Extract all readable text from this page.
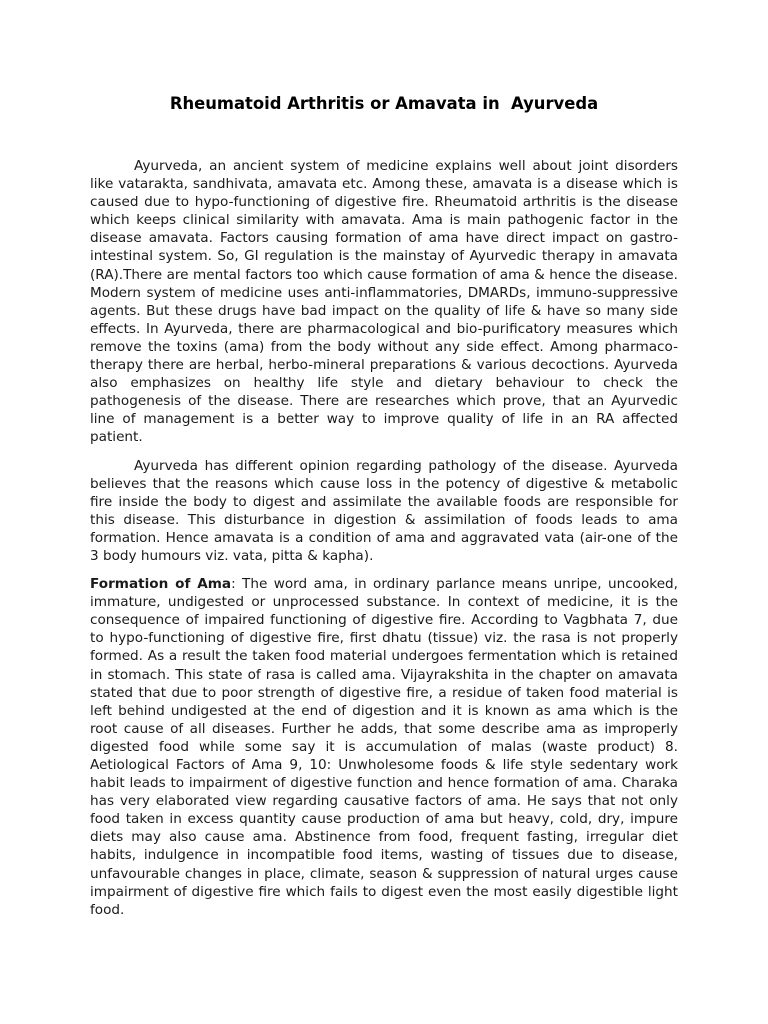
Rheumatoid Arthritis or Amavata in  Ayurveda

Ayurveda, an ancient system of medicine explains well about joint disorders like vatarakta, sandhivata, amavata etc. Among these, amavata is a disease which is caused due to hypo-functioning of digestive fire. Rheumatoid arthritis is the disease which keeps clinical similarity with amavata. Ama is main pathogenic factor in the disease amavata. Factors causing formation of ama have direct impact on gastro-intestinal system. So, GI regulation is the mainstay of Ayurvedic therapy in amavata (RA).There are mental factors too which cause formation of ama & hence the disease. Modern system of medicine uses anti-inflammatories, DMARDs, immuno-suppressive agents. But these drugs have bad impact on the quality of life & have so many side effects. In Ayurveda, there are pharmacological and bio-purificatory measures which remove the toxins (ama) from the body without any side effect. Among pharmaco-therapy there are herbal, herbo-mineral preparations & various decoctions. Ayurveda also emphasizes on healthy life style and dietary behaviour to check the pathogenesis of the disease. There are researches which prove, that an Ayurvedic line of management is a better way to improve quality of life in an RA affected patient.

Ayurveda has different opinion regarding pathology of the disease. Ayurveda believes that the reasons which cause loss in the potency of digestive & metabolic fire inside the body to digest and assimilate the available foods are responsible for this disease. This disturbance in digestion & assimilation of foods leads to ama formation. Hence amavata is a condition of ama and aggravated vata (air-one of the 3 body humours viz. vata, pitta & kapha).

Formation of Ama: The word ama, in ordinary parlance means unripe, uncooked, immature, undigested or unprocessed substance. In context of medicine, it is the consequence of impaired functioning of digestive fire. According to Vagbhata 7, due to hypo-functioning of digestive fire, first dhatu (tissue) viz. the rasa is not properly formed. As a result the taken food material undergoes fermentation which is retained in stomach. This state of rasa is called ama. Vijayrakshita in the chapter on amavata stated that due to poor strength of digestive fire, a residue of taken food material is left behind undigested at the end of digestion and it is known as ama which is the root cause of all diseases. Further he adds, that some describe ama as improperly digested food while some say it is accumulation of malas (waste product) 8. Aetiological Factors of Ama 9, 10: Unwholesome foods & life style sedentary work habit leads to impairment of digestive function and hence formation of ama. Charaka has very elaborated view regarding causative factors of ama. He says that not only food taken in excess quantity cause production of ama but heavy, cold, dry, impure diets may also cause ama. Abstinence from food, frequent fasting, irregular diet habits, indulgence in incompatible food items, wasting of tissues due to disease, unfavourable changes in place, climate, season & suppression of natural urges cause impairment of digestive fire which fails to digest even the most easily digestible light food.
